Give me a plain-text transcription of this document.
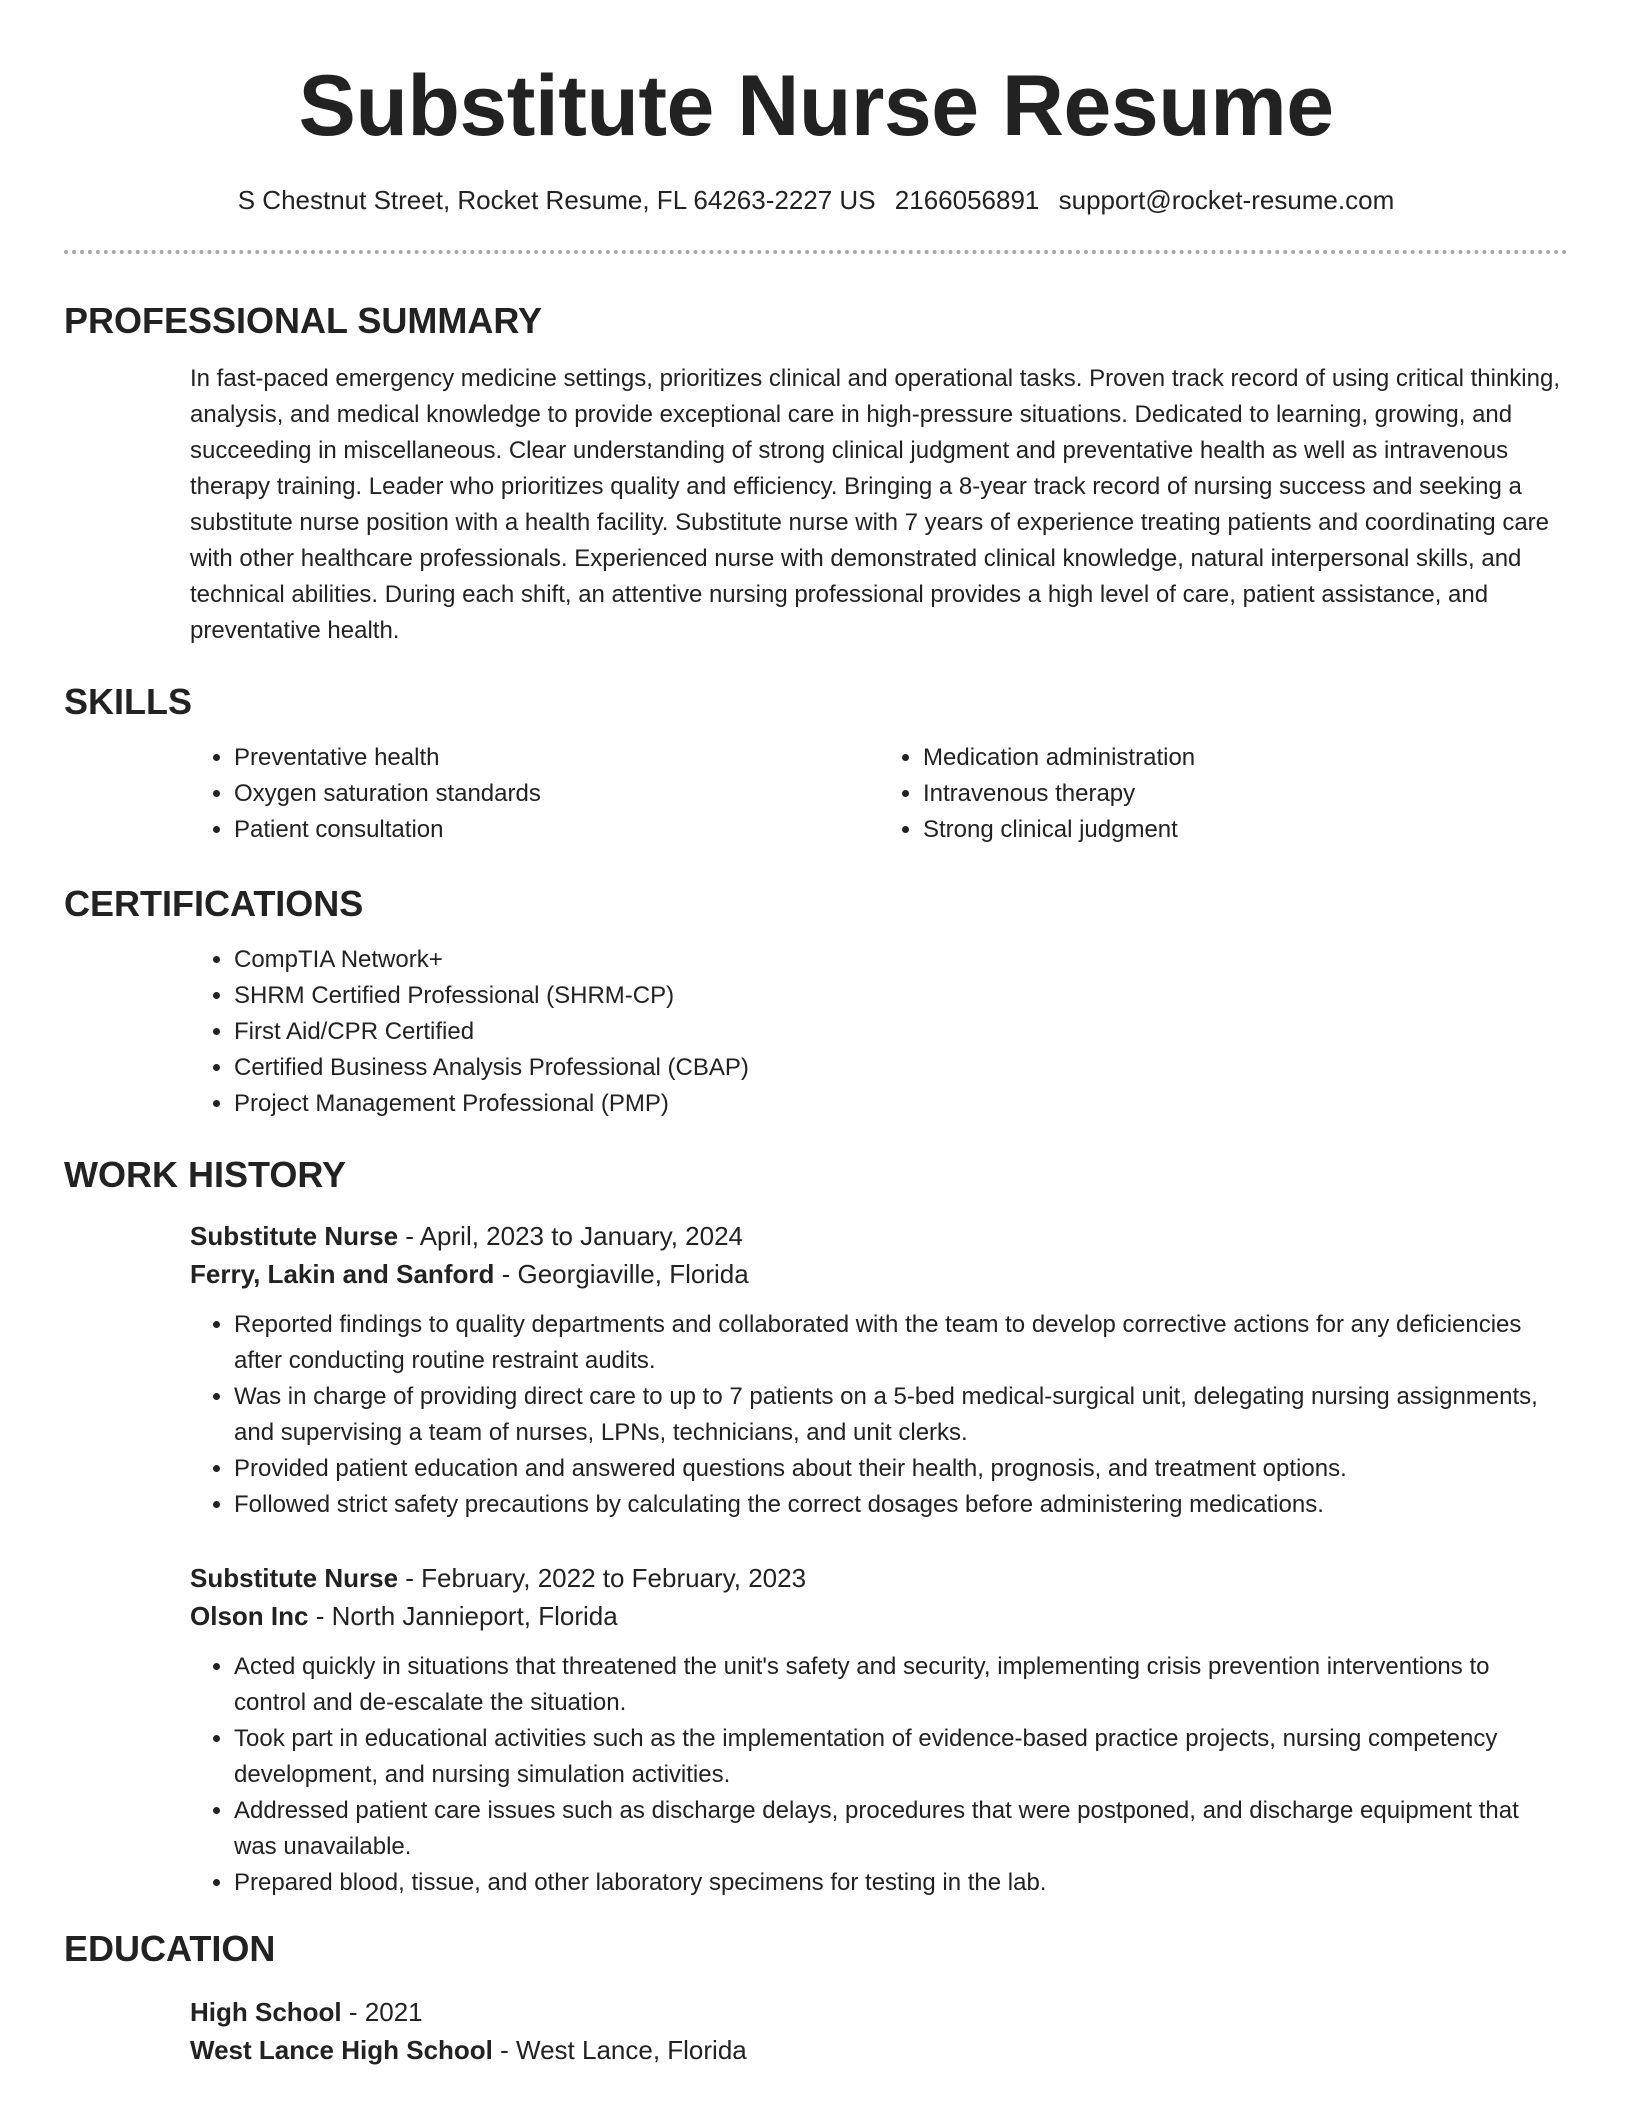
Substitute Nurse Resume
S Chestnut Street, Rocket Resume, FL 64263-2227 US 2166056891 support@rocket-resume.com
PROFESSIONAL SUMMARY

In fast-paced emergency medicine settings, prioritizes clinical and operational tasks. Proven track record of using critical thinking, analysis, and medical knowledge to provide exceptional care in high-pressure situations. Dedicated to learning, growing, and succeeding in miscellaneous. Clear understanding of strong clinical judgment and preventative health as well as intravenous therapy training. Leader who prioritizes quality and efficiency. Bringing a 8-year track record of nursing success and seeking a substitute nurse position with a health facility. Substitute nurse with 7 years of experience treating patients and coordinating care with other healthcare professionals. Experienced nurse with demonstrated clinical knowledge, natural interpersonal skills, and technical abilities. During each shift, an attentive nursing professional provides a high level of care, patient assistance, and preventative health.

SKILLS
• Preventative health
• Oxygen saturation standards
• Patient consultation
• Medication administration
• Intravenous therapy
• Strong clinical judgment
CERTIFICATIONS
• CompTIA Network+
• SHRM Certified Professional (SHRM-CP)
• First Aid/CPR Certified
• Certified Business Analysis Professional (CBAP)
• Project Management Professional (PMP)
WORK HISTORY
Substitute Nurse - April, 2023 to January, 2024
Ferry, Lakin and Sanford - Georgiaville, Florida
• Reported findings to quality departments and collaborated with the team to develop corrective actions for any deficiencies after conducting routine restraint audits.
• Was in charge of providing direct care to up to 7 patients on a 5-bed medical-surgical unit, delegating nursing assignments, and supervising a team of nurses, LPNs, technicians, and unit clerks.
• Provided patient education and answered questions about their health, prognosis, and treatment options.
• Followed strict safety precautions by calculating the correct dosages before administering medications.
Substitute Nurse - February, 2022 to February, 2023
Olson Inc - North Jannieport, Florida
• Acted quickly in situations that threatened the unit's safety and security, implementing crisis prevention interventions to control and de-escalate the situation.
• Took part in educational activities such as the implementation of evidence-based practice projects, nursing competency development, and nursing simulation activities.
• Addressed patient care issues such as discharge delays, procedures that were postponed, and discharge equipment that was unavailable.
• Prepared blood, tissue, and other laboratory specimens for testing in the lab.
EDUCATION
High School - 2021
West Lance High School - West Lance, Florida
